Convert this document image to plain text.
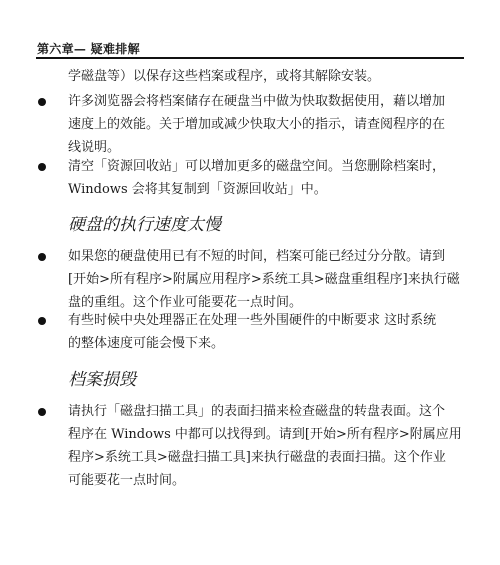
第六章— 疑难排解
学磁盘等）以保存这些档案或程序，或将其解除安装。
许多浏览器会将档案储存在硬盘当中做为快取数据使用，藉以增加
速度上的效能。关于增加或减少快取大小的指示，请查阅程序的在
线说明。
清空「资源回收站」可以增加更多的磁盘空间。当您删除档案时，
Windows 会将其复制到「资源回收站」中。
硬盘的执行速度太慢
如果您的硬盘使用已有不短的时间，档案可能已经过分分散。请到
[开始>所有程序>附属应用程序>系统工具>磁盘重组程序]来执行磁
盘的重组。这个作业可能要花一点时间。
有些时候中央处理器正在处理一些外围硬件的中断要求 这时系统
的整体速度可能会慢下来。
档案损毁
请执行「磁盘扫描工具」的表面扫描来检查磁盘的转盘表面。这个
程序在 Windows 中都可以找得到。请到[开始>所有程序>附属应用
程序>系统工具>磁盘扫描工具]来执行磁盘的表面扫描。这个作业
可能要花一点时间。
